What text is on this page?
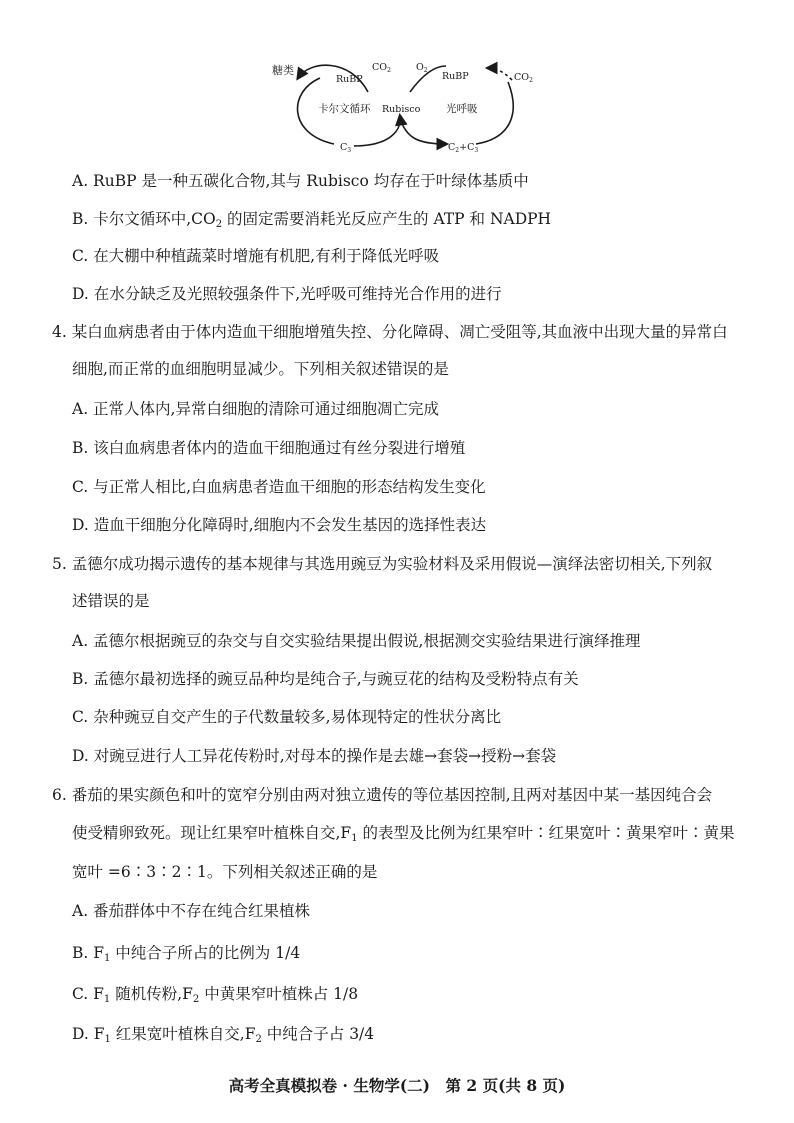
糖类
RuBP
$CO_2$	$O_2$
RuBP	$CO_2$
卡尔文循环 Rubisco 光呼吸
$C_3$	$C_2+C_3$
A. RuBP 是一种五碳化合物,其与 Rubisco 均存在于叶绿体基质中
B. 卡尔文循环中$,CO_2$ 的固定需要消耗光反应产生的 ATP 和 NADPH
C. 在大棚中种植蔬菜时增施有机肥,有利于降低光呼吸
D. 在水分缺乏及光照较强条件下,光呼吸可维持光合作用的进行
4. 某白血病患者由于体内造血干细胞增殖失控、分化障碍、凋亡受阻等,其血液中出现大量的异常白
细胞,而正常的血细胞明显减少。下列相关叙述错误的是
A. 正常人体内,异常白细胞的清除可通过细胞凋亡完成
B. 该白血病患者体内的造血干细胞通过有丝分裂进行增殖
C. 与正常人相比,白血病患者造血干细胞的形态结构发生变化
D. 造血干细胞分化障碍时,细胞内不会发生基因的选择性表达
5. 孟德尔成功揭示遗传的基本规律与其选用豌豆为实验材料及采用假说—演绎法密切相关,下列叙
述错误的是
A. 孟德尔根据豌豆的杂交与自交实验结果提出假说,根据测交实验结果进行演绎推理
B. 孟德尔最初选择的豌豆品种均是纯合子,与豌豆花的结构及受粉特点有关
C. 杂种豌豆自交产生的子代数量较多,易体现特定的性状分离比
D. 对豌豆进行人工异花传粉时,对母本的操作是去雄→套袋→授粉→套袋
6. 番茄的果实颜色和叶的宽窄分别由两对独立遗传的等位基因控制,且两对基因中某一基因纯合会
使受精卵致死。现让红果窄叶植株自交$,F_1$ 的表型及比例为红果窄叶∶红果宽叶∶黄果窄叶∶黄果
宽叶 =6∶3∶2∶1。下列相关叙述正确的是
A. 番茄群体中不存在纯合红果植株
B. $F_1$ 中纯合子所占的比例为 1/4
C. $F_1$ 随机传粉$,F_2$ 中黄果窄叶植株占 1/8
D. $F_1$ 红果宽叶植株自交$,F_2$ 中纯合子占 3/4
高考全真模拟卷 · 生物学(二)　第 2 页(共 8 页)
